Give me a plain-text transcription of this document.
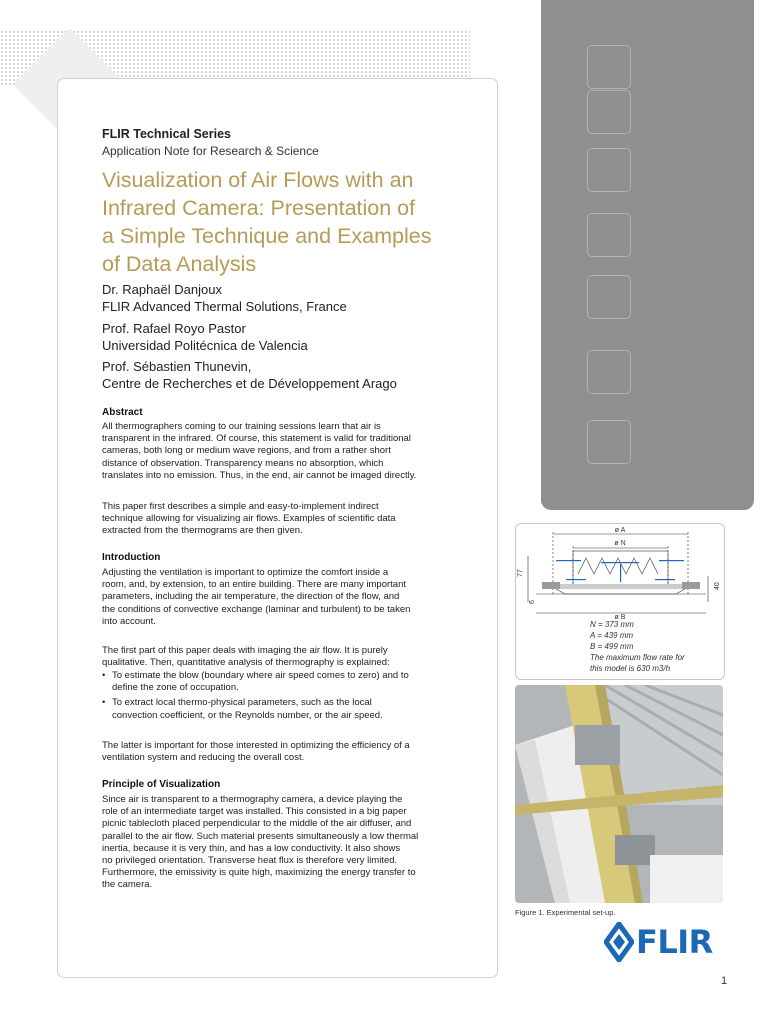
FLIR Technical Series
Application Note for Research & Science
Visualization of Air Flows with an
Infrared Camera: Presentation of
a Simple Technique and Examples
of Data Analysis
Dr. Raphaël Danjoux
FLIR Advanced Thermal Solutions, France
Prof. Rafael Royo Pastor
Universidad Politécnica de Valencia
Prof. Sébastien Thunevin,
Centre de Recherches et de Développement Arago
Abstract
All thermographers coming to our training sessions learn that air is
transparent in the infrared. Of course, this statement is valid for traditional
cameras, both long or medium wave regions, and from a rather short
distance of observation. Transparency means no absorption, which
translates into no emission. Thus, in the end, air cannot be imaged directly.
This paper first describes a simple and easy-to-implement indirect
technique allowing for visualizing air flows. Examples of scientific data
extracted from the thermograms are then given.
Introduction
Adjusting the ventilation is important to optimize the comfort inside a
room, and, by extension, to an entire building. There are many important
parameters, including the air temperature, the direction of the flow, and
the conditions of convective exchange (laminar and turbulent) to be taken
into account.
The first part of this paper deals with imaging the air flow. It is purely
qualitative. Then, quantitative analysis of thermography is explained:
• To estimate the blow (boundary where air speed comes to zero) and to
define the zone of occupation.
• To extract local thermo-physical parameters, such as the local
convection coefficient, or the Reynolds number, or the air speed.
The latter is important for those interested in optimizing the efficiency of a
ventilation system and reducing the overall cost.
Principle of Visualization
Since air is transparent to a thermography camera, a device playing the
role of an intermediate target was installed. This consisted in a big paper
picnic tablecloth placed perpendicular to the middle of the air diffuser, and
parallel to the air flow. Such material presents simultaneously a low thermal
inertia, because it is very thin, and has a low conductivity. It also shows
no privileged orientation. Transverse heat flux is therefore very limited.
Furthermore, the emissivity is quite high, maximizing the energy transfer to
the camera.
ø A
ø N
ø B
77
6
40
N = 373 mm
A = 439 mm
B = 499 mm
The maximum flow rate for
this model is 630 m3/h
Figure 1. Experimental set-up.
FLIR
1
